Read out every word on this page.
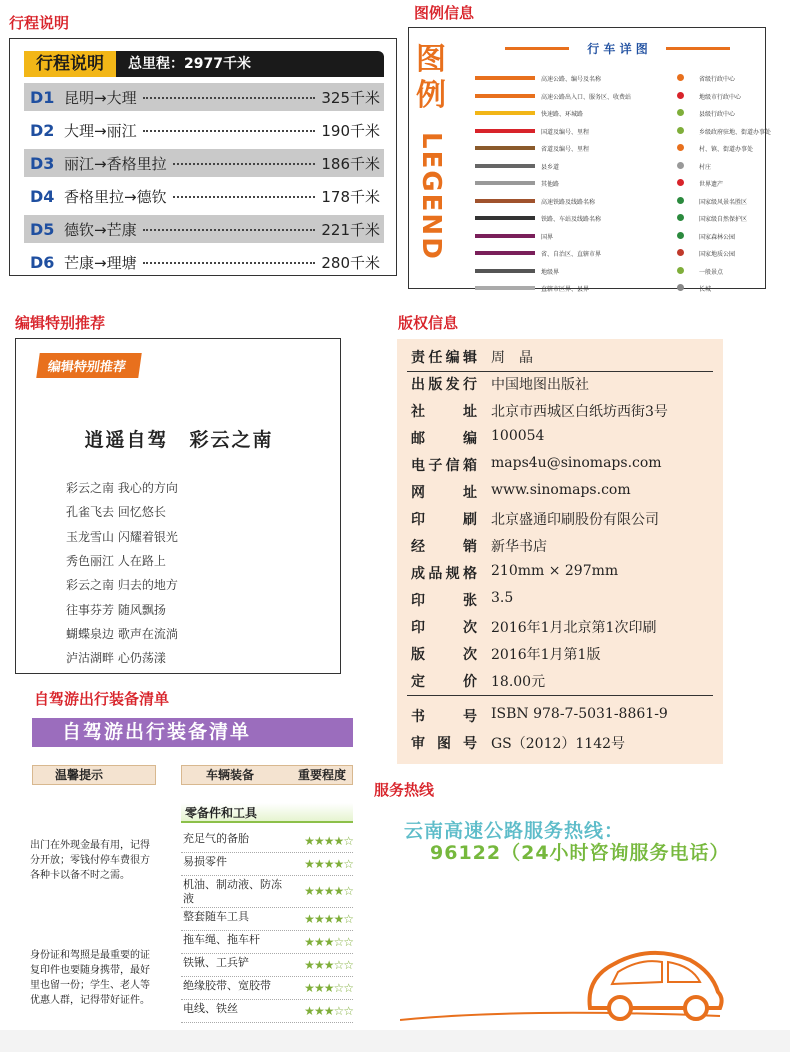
行程说明
图例信息
编辑特别推荐	版权信息
自驾游出行装备清单
服务热线
行程说明	总里程：2977千米
D1 昆明→大理	325千米
D2 大理→丽江	190千米
D3 丽江→香格里拉	186千米
D4 香格里拉→德钦	178千米
D5 德钦→芒康	221千米
D6 芒康→理塘	280千米
图
例
LEGEND
行 车 详 图
高速公路、编号及名称
高速公路出入口、服务区、收费站
快速路、环城路
国道及编号、里程
省道及编号、里程
县乡道
其他路
高速铁路及线路名称
铁路、车站及线路名称
国界
省、自治区、直辖市界
地级界
直辖市区界、县界
省级行政中心
地级市行政中心
县级行政中心
乡级政府驻地、街道办事处
村、镇、街道办事处
村庄
世界遗产
国家级风景名胜区
国家级自然保护区
国家森林公园
国家地质公园
一般景点
长城
编辑特别推荐
逍遥自驾　彩云之南
彩云之南 我心的方向
孔雀飞去 回忆悠长
玉龙雪山 闪耀着银光
秀色丽江 人在路上
彩云之南 归去的地方
往事芬芳 随风飘扬
蝴蝶泉边 歌声在流淌
泸沽湖畔 心仍荡漾
责任编辑 周　晶
出版发行 中国地图出版社
社　　址 北京市西城区白纸坊西街3号
邮　　编 100054
电子信箱 maps4u@sinomaps.com
网　　址 www.sinomaps.com
印　　刷 北京盛通印刷股份有限公司
经　　销 新华书店
成品规格 210mm × 297mm
印　　张 3.5
印　　次 2016年1月北京第1次印刷
版　　次 2016年1月第1版
定　　价 18.00元
书　　号 ISBN 978-7-5031-8861-9
审 图 号 GS（2012）1142号
自驾游出行装备清单
温馨提示	车辆装备	重要程度
出门在外现金最有用，记得分开放；零钱付停车费很方各种卡以备不时之需。
身份证和驾照是最重要的证复印件也要随身携带，最好里也留一份；学生、老人等优惠人群，记得带好证件。
零备件和工具
充足气的备胎	★★★★☆
易损零件	★★★★☆
机油、制动液、防冻液
★★★★☆
整套随车工具	★★★★☆
拖车绳、拖车杆	★★★☆☆
铁锹、工兵铲	★★★☆☆
绝缘胶带、宽胶带	★★★☆☆
电线、铁丝	★★★☆☆
云南高速公路服务热线：
96122（24小时咨询服务电话）
